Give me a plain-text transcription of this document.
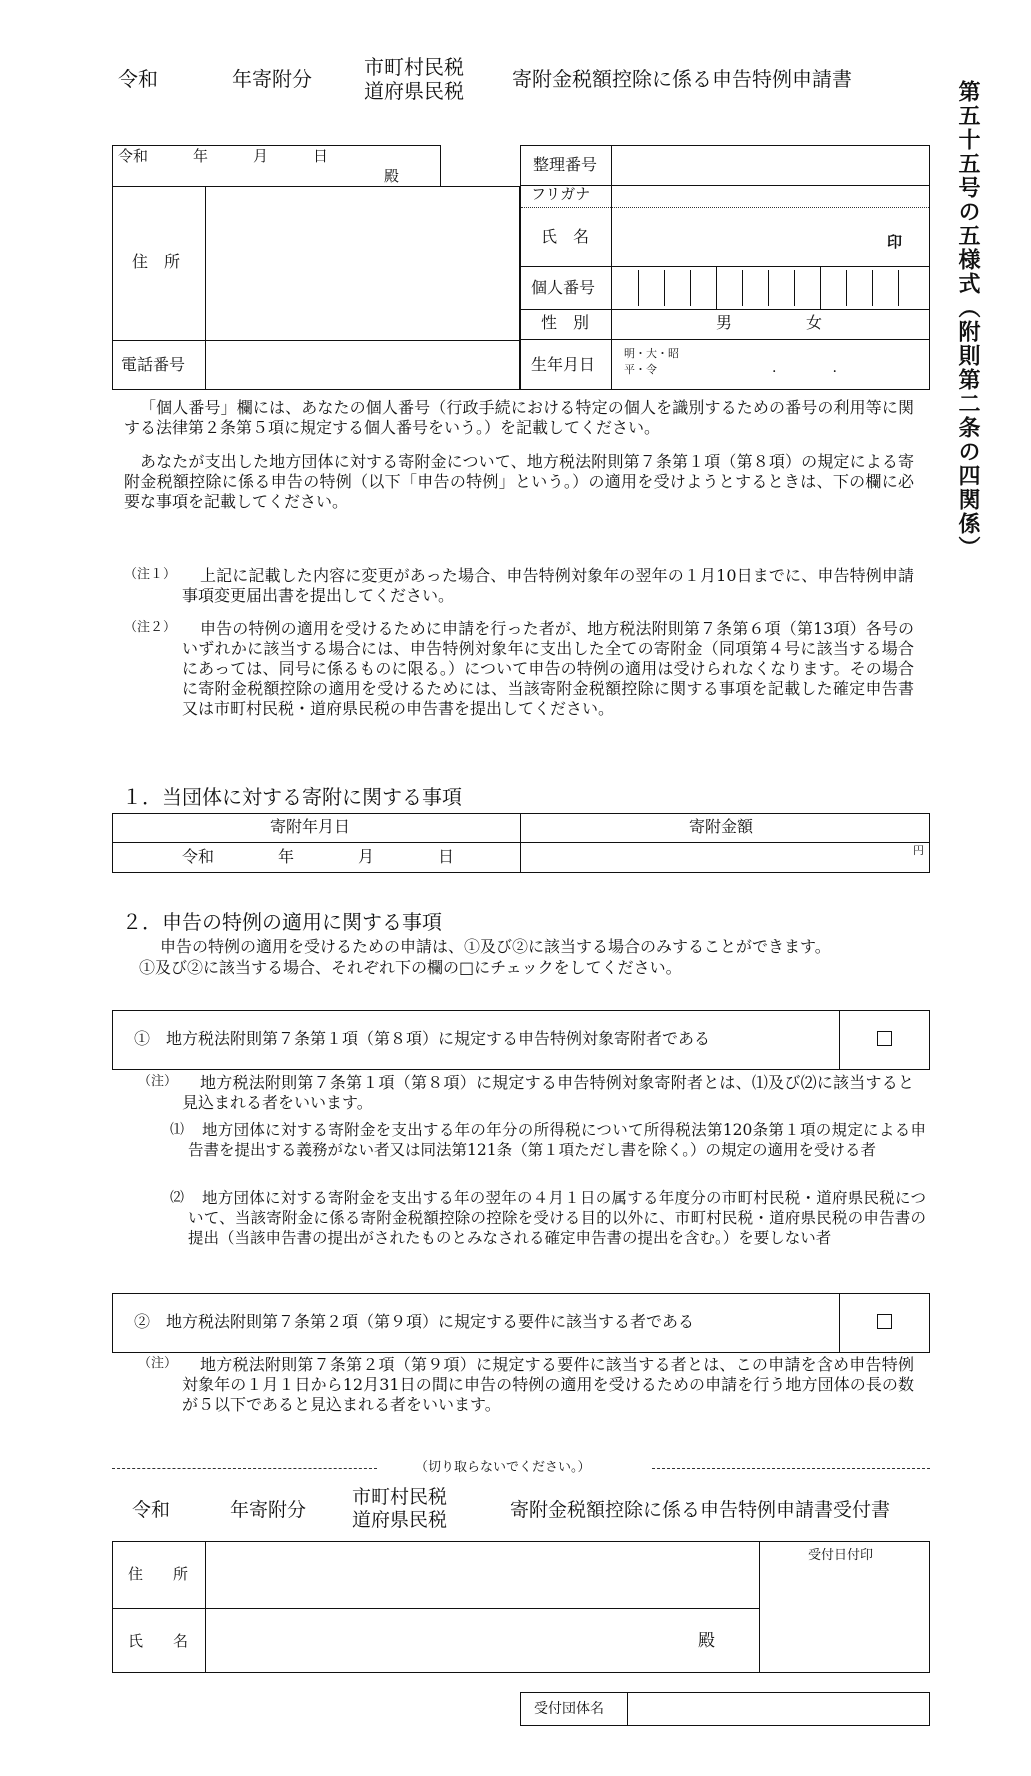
令和	年寄附分	市町村民税
道府県民税 寄附金税額控除に係る申告特例申請書
第五十五号の五様式︵附則第二条の四関係︶
令和　　　年　　　月　　　日
殿
住　所
電話番号
整理番号
フリガナ
氏　名	印
個人番号
性　別	男	女
生年月日
明・大・昭
平・令	.　　　　.
「個人番号」欄には、あなたの個人番号（行政手続における特定の個人を識別するための番号の利用等に関する法律第２条第５項に規定する個人番号をいう。）を記載してください。
あなたが支出した地方団体に対する寄附金について、地方税法附則第７条第１項（第８項）の規定による寄附金税額控除に係る申告の特例（以下「申告の特例」という。）の適用を受けようとするときは、下の欄に必要な事項を記載してください。
（注１）	上記に記載した内容に変更があった場合、申告特例対象年の翌年の１月10日までに、申告特例申請事項変更届出書を提出してください。
（注２）	申告の特例の適用を受けるために申請を行った者が、地方税法附則第７条第６項（第13項）各号のいずれかに該当する場合には、申告特例対象年に支出した全ての寄附金（同項第４号に該当する場合にあっては、同号に係るものに限る。）について申告の特例の適用は受けられなくなります。その場合に寄附金税額控除の適用を受けるためには、当該寄附金税額控除に関する事項を記載した確定申告書又は市町村民税・道府県民税の申告書を提出してください。
１．当団体に対する寄附に関する事項
寄附年月日	寄附金額
令和　　　　年　　　　月　　　　日	円
２．申告の特例の適用に関する事項
申告の特例の適用を受けるための申請は、①及び②に該当する場合のみすることができます。
①及び②に該当する場合、それぞれ下の欄の□にチェックをしてください。
①　地方税法附則第７条第１項（第８項）に規定する申告特例対象寄附者である
（注）	地方税法附則第７条第１項（第８項）に規定する申告特例対象寄附者とは、⑴及び⑵に該当すると見込まれる者をいいます。
⑴	地方団体に対する寄附金を支出する年の年分の所得税について所得税法第120条第１項の規定による申告書を提出する義務がない者又は同法第121条（第１項ただし書を除く。）の規定の適用を受ける者
⑵	地方団体に対する寄附金を支出する年の翌年の４月１日の属する年度分の市町村民税・道府県民税について、当該寄附金に係る寄附金税額控除の控除を受ける目的以外に、市町村民税・道府県民税の申告書の提出（当該申告書の提出がされたものとみなされる確定申告書の提出を含む。）を要しない者
②　地方税法附則第７条第２項（第９項）に規定する要件に該当する者である
（注）	地方税法附則第７条第２項（第９項）に規定する要件に該当する者とは、この申請を含め申告特例対象年の１月１日から12月31日の間に申告の特例の適用を受けるための申請を行う地方団体の長の数が５以下であると見込まれる者をいいます。
（切り取らないでください。）
令和	年寄附分
市町村民税
道府県民税	寄附金税額控除に係る申告特例申請書受付書
住　　所
氏　　名	殿
受付日付印
受付団体名
